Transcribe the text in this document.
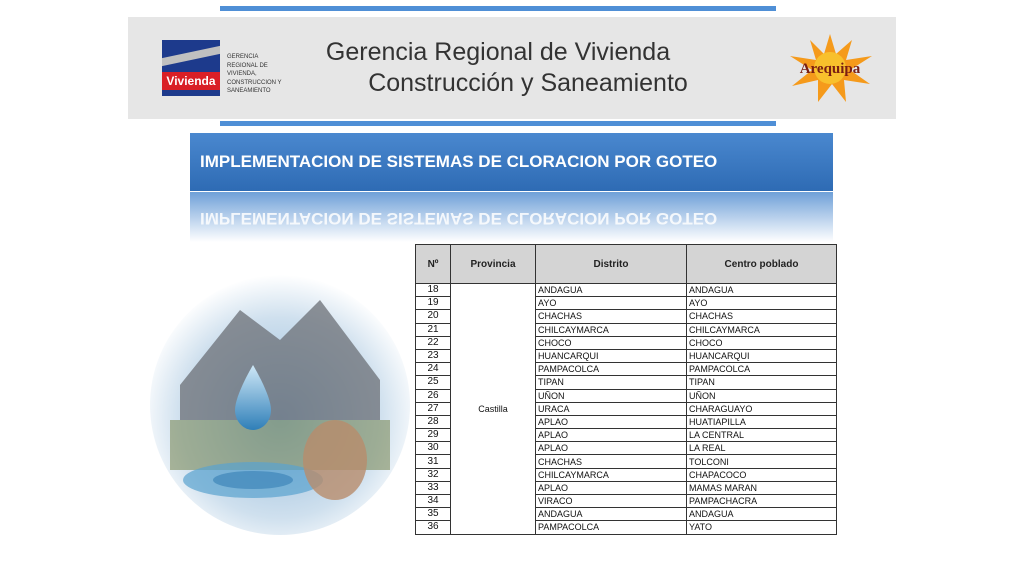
Vivienda
GERENCIA
REGIONAL DE
VIVIENDA,
CONSTRUCCION Y
SANEAMIENTO
Gerencia Regional de Vivienda
Construcción y Saneamiento	Arequipa
IMPLEMENTACION DE SISTEMAS DE CLORACION POR GOTEO
IMPLEMENTACION DE SISTEMAS DE CLORACION POR GOTEO
Nº	Provincia	Distrito	Centro poblado
18	Castilla	ANDAGUA	ANDAGUA
19		AYO	AYO
20		CHACHAS	CHACHAS
21		CHILCAYMARCA	CHILCAYMARCA
22		CHOCO	CHOCO
23		HUANCARQUI	HUANCARQUI
24		PAMPACOLCA	PAMPACOLCA
25		TIPAN	TIPAN
26		UÑON	UÑON
27		URACA	CHARAGUAYO
28		APLAO	HUATIAPILLA
29		APLAO	LA CENTRAL
30		APLAO	LA REAL
31		CHACHAS	TOLCONI
32		CHILCAYMARCA	CHAPACOCO
33		APLAO	MAMAS MARAN
34		VIRACO	PAMPACHACRA
35		ANDAGUA	ANDAGUA
36		PAMPACOLCA	YATO
